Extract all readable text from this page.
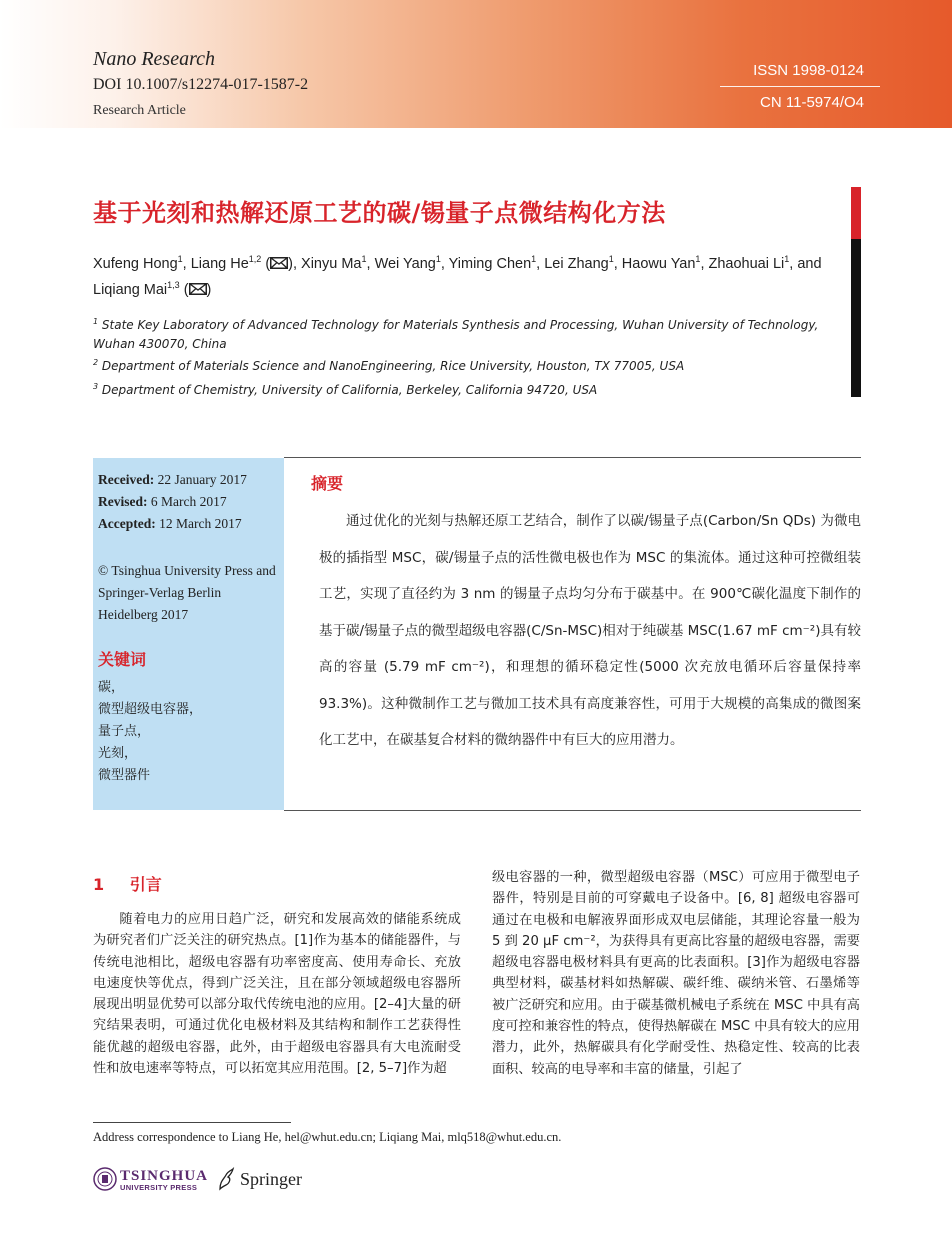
Nano Research
DOI 10.1007/s12274-017-1587-2
Research Article
ISSN 1998-0124
CN 11-5974/O4
基于光刻和热解还原工艺的碳/锡量子点微结构化方法
Xufeng Hong$^1$, Liang He$^{1,2}$ ( ), Xinyu Ma$^1$, Wei Yang$^1$, Yiming Chen$^1$, Lei Zhang$^1$, Haowu Yan$^1$, Zhaohuai Li$^1$, and Liqiang Mai$^{1,3}$ ( )
$^1$ State Key Laboratory of Advanced Technology for Materials Synthesis and Processing, Wuhan University of Technology, Wuhan 430070, China
$^2$ Department of Materials Science and NanoEngineering, Rice University, Houston, TX 77005, USA
$^3$ Department of Chemistry, University of California, Berkeley, California 94720, USA
Received: 22 January 2017
Revised: 6 March 2017
Accepted: 12 March 2017
© Tsinghua University Press and Springer-Verlag Berlin Heidelberg 2017
关键词
碳，
微型超级电容器，
量子点，
光刻，
微型器件
摘要
通过优化的光刻与热解还原工艺结合，制作了以碳/锡量子点(Carbon/Sn QDs) 为微电极的插指型 MSC，碳/锡量子点的活性微电极也作为 MSC 的集流体。通过这种可控微组装工艺，实现了直径约为 3 nm 的锡量子点均匀分布于碳基中。在 900℃碳化温度下制作的基于碳/锡量子点的微型超级电容器(C/Sn-MSC)相对于纯碳基 MSC(1.67 mF cm⁻²)具有较高的容量 (5.79 mF cm⁻²)，和理想的循环稳定性(5000 次充放电循环后容量保持率 93.3%)。这种微制作工艺与微加工技术具有高度兼容性，可用于大规模的高集成的微图案化工艺中，在碳基复合材料的微纳器件中有巨大的应用潜力。
1 引言
随着电力的应用日趋广泛，研究和发展高效的储能系统成为研究者们广泛关注的研究热点。[1]作为基本的储能器件，与传统电池相比，超级电容器有功率密度高、使用寿命长、充放电速度快等优点，得到广泛关注，且在部分领域超级电容器所展现出明显优势可以部分取代传统电池的应用。[2–4]大量的研究结果表明，可通过优化电极材料及其结构和制作工艺获得性能优越的超级电容器，此外，由于超级电容器具有大电流耐受性和放电速率等特点，可以拓宽其应用范围。[2, 5–7]作为超
级电容器的一种，微型超级电容器（MSC）可应用于微型电子器件，特别是目前的可穿戴电子设备中。[6, 8] 超级电容器可通过在电极和电解液界面形成双电层储能，其理论容量一般为 5 到 20 μF cm⁻²，为获得具有更高比容量的超级电容器，需要超级电容器电极材料具有更高的比表面积。[3]作为超级电容器典型材料，碳基材料如热解碳、碳纤维、碳纳米管、石墨烯等被广泛研究和应用。由于碳基微机械电子系统在 MSC 中具有高度可控和兼容性的特点，使得热解碳在 MSC 中具有较大的应用潜力，此外，热解碳具有化学耐受性、热稳定性、较高的比表面积、较高的电导率和丰富的储量，引起了
Address correspondence to Liang He, hel@whut.edu.cn; Liqiang Mai, mlq518@whut.edu.cn.
TSINGHUA
UNIVERSITY PRESS Springer
